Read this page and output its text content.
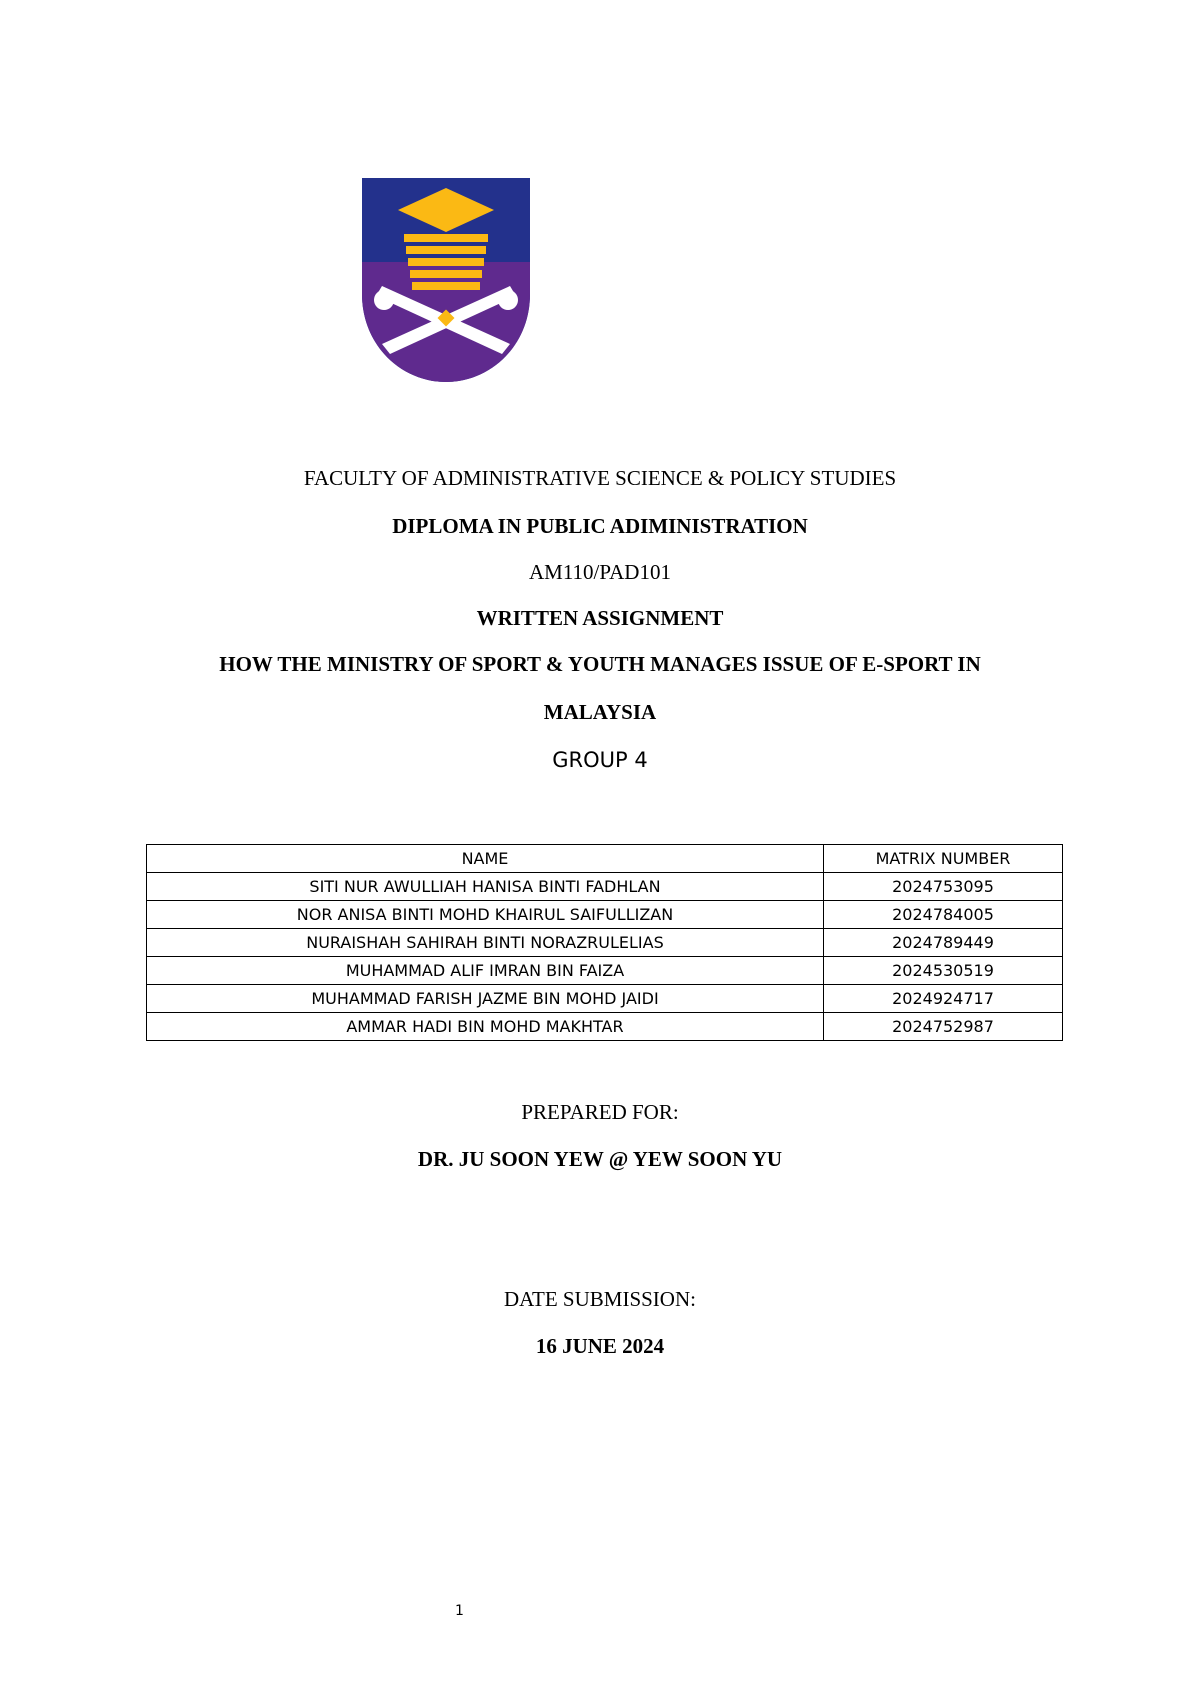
FACULTY OF ADMINISTRATIVE SCIENCE & POLICY STUDIES
DIPLOMA IN PUBLIC ADIMINISTRATION
AM110/PAD101
WRITTEN ASSIGNMENT
HOW THE MINISTRY OF SPORT & YOUTH MANAGES ISSUE OF E-SPORT IN
MALAYSIA
GROUP 4
NAME	MATRIX NUMBER
SITI NUR AWULLIAH HANISA BINTI FADHLAN	2024753095
NOR ANISA BINTI MOHD KHAIRUL SAIFULLIZAN	2024784005
NURAISHAH SAHIRAH BINTI NORAZRULELIAS	2024789449
MUHAMMAD ALIF IMRAN BIN FAIZA	2024530519
MUHAMMAD FARISH JAZME BIN MOHD JAIDI	2024924717
AMMAR HADI BIN MOHD MAKHTAR	2024752987
PREPARED FOR:
DR. JU SOON YEW @ YEW SOON YU
DATE SUBMISSION:
16 JUNE 2024
1
